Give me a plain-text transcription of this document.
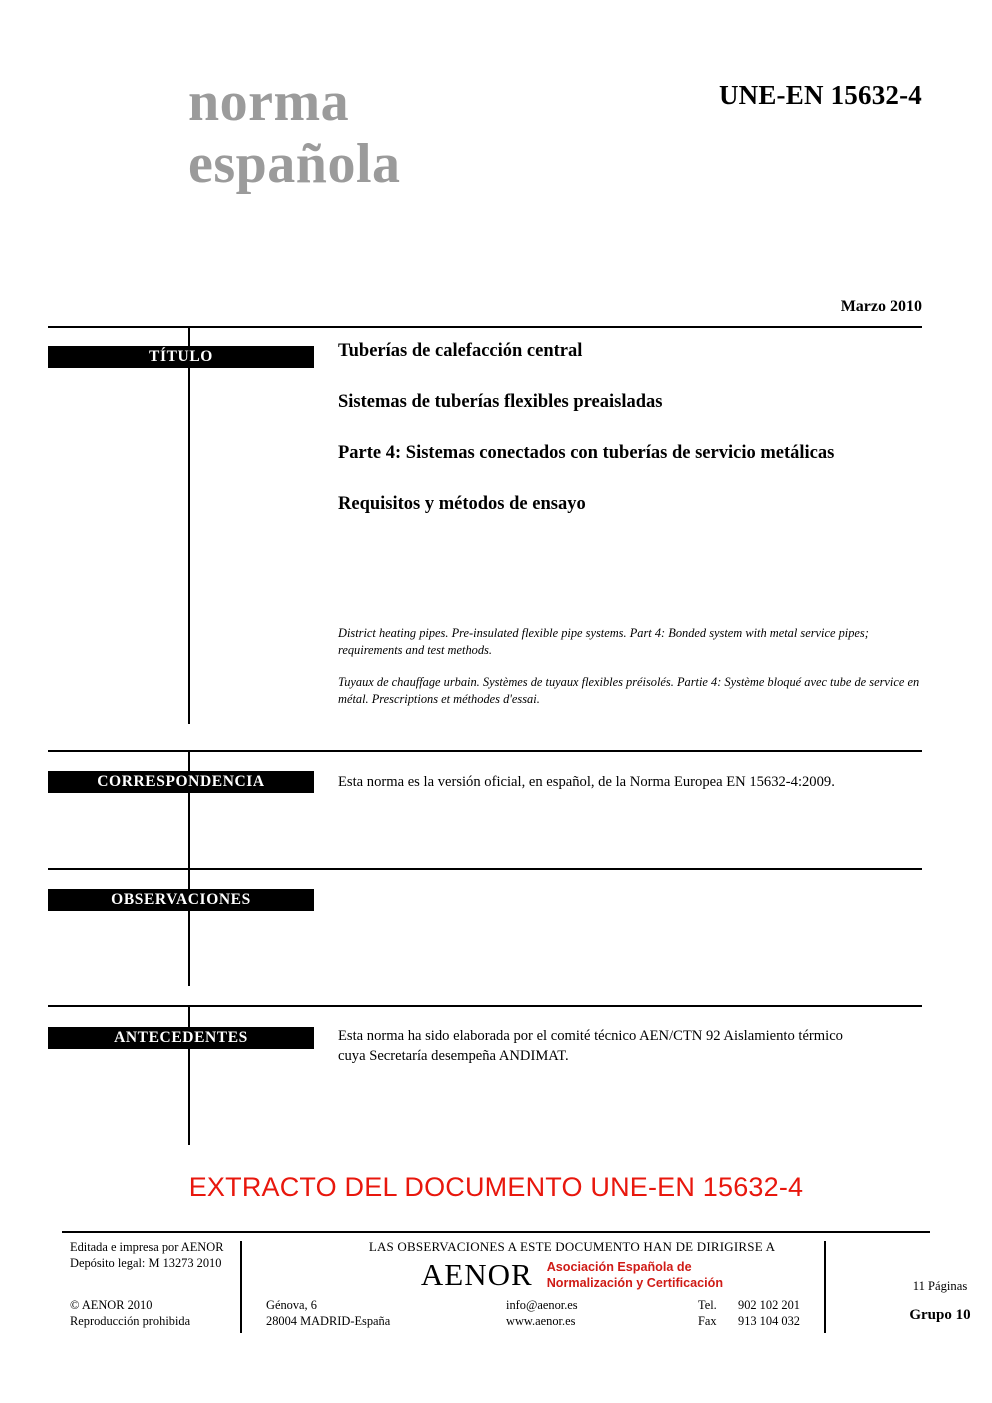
norma
española
UNE-EN 15632-4
Marzo 2010
TÍTULO
CORRESPONDENCIA
OBSERVACIONES
ANTECEDENTES
Tuberías de calefacción central
Sistemas de tuberías flexibles preaisladas
Parte 4: Sistemas conectados con tuberías de servicio metálicas
Requisitos y métodos de ensayo
District heating pipes. Pre-insulated flexible pipe systems. Part 4: Bonded system with metal service pipes; requirements and test methods.
Tuyaux de chauffage urbain. Systèmes de tuyaux flexibles préisolés. Partie 4: Système bloqué avec tube de service en métal. Prescriptions et méthodes d'essai.
Esta norma es la versión oficial, en español, de la Norma Europea EN 15632-4:2009.
Esta norma ha sido elaborada por el comité técnico AEN/CTN 92 Aislamiento térmico
cuya Secretaría desempeña ANDIMAT.
EXTRACTO DEL DOCUMENTO UNE-EN 15632-4
Editada e impresa por AENOR
Depósito legal: M 13273 2010
© AENOR 2010
Reproducción prohibida
LAS OBSERVACIONES A ESTE DOCUMENTO HAN DE DIRIGIRSE A
AENOR Asociación Española de
Normalización y Certificación
Génova, 6
28004 MADRID-España
info@aenor.es
www.aenor.es
Tel. 902 102 201
Fax 913 104 032
11 Páginas
Grupo 10
